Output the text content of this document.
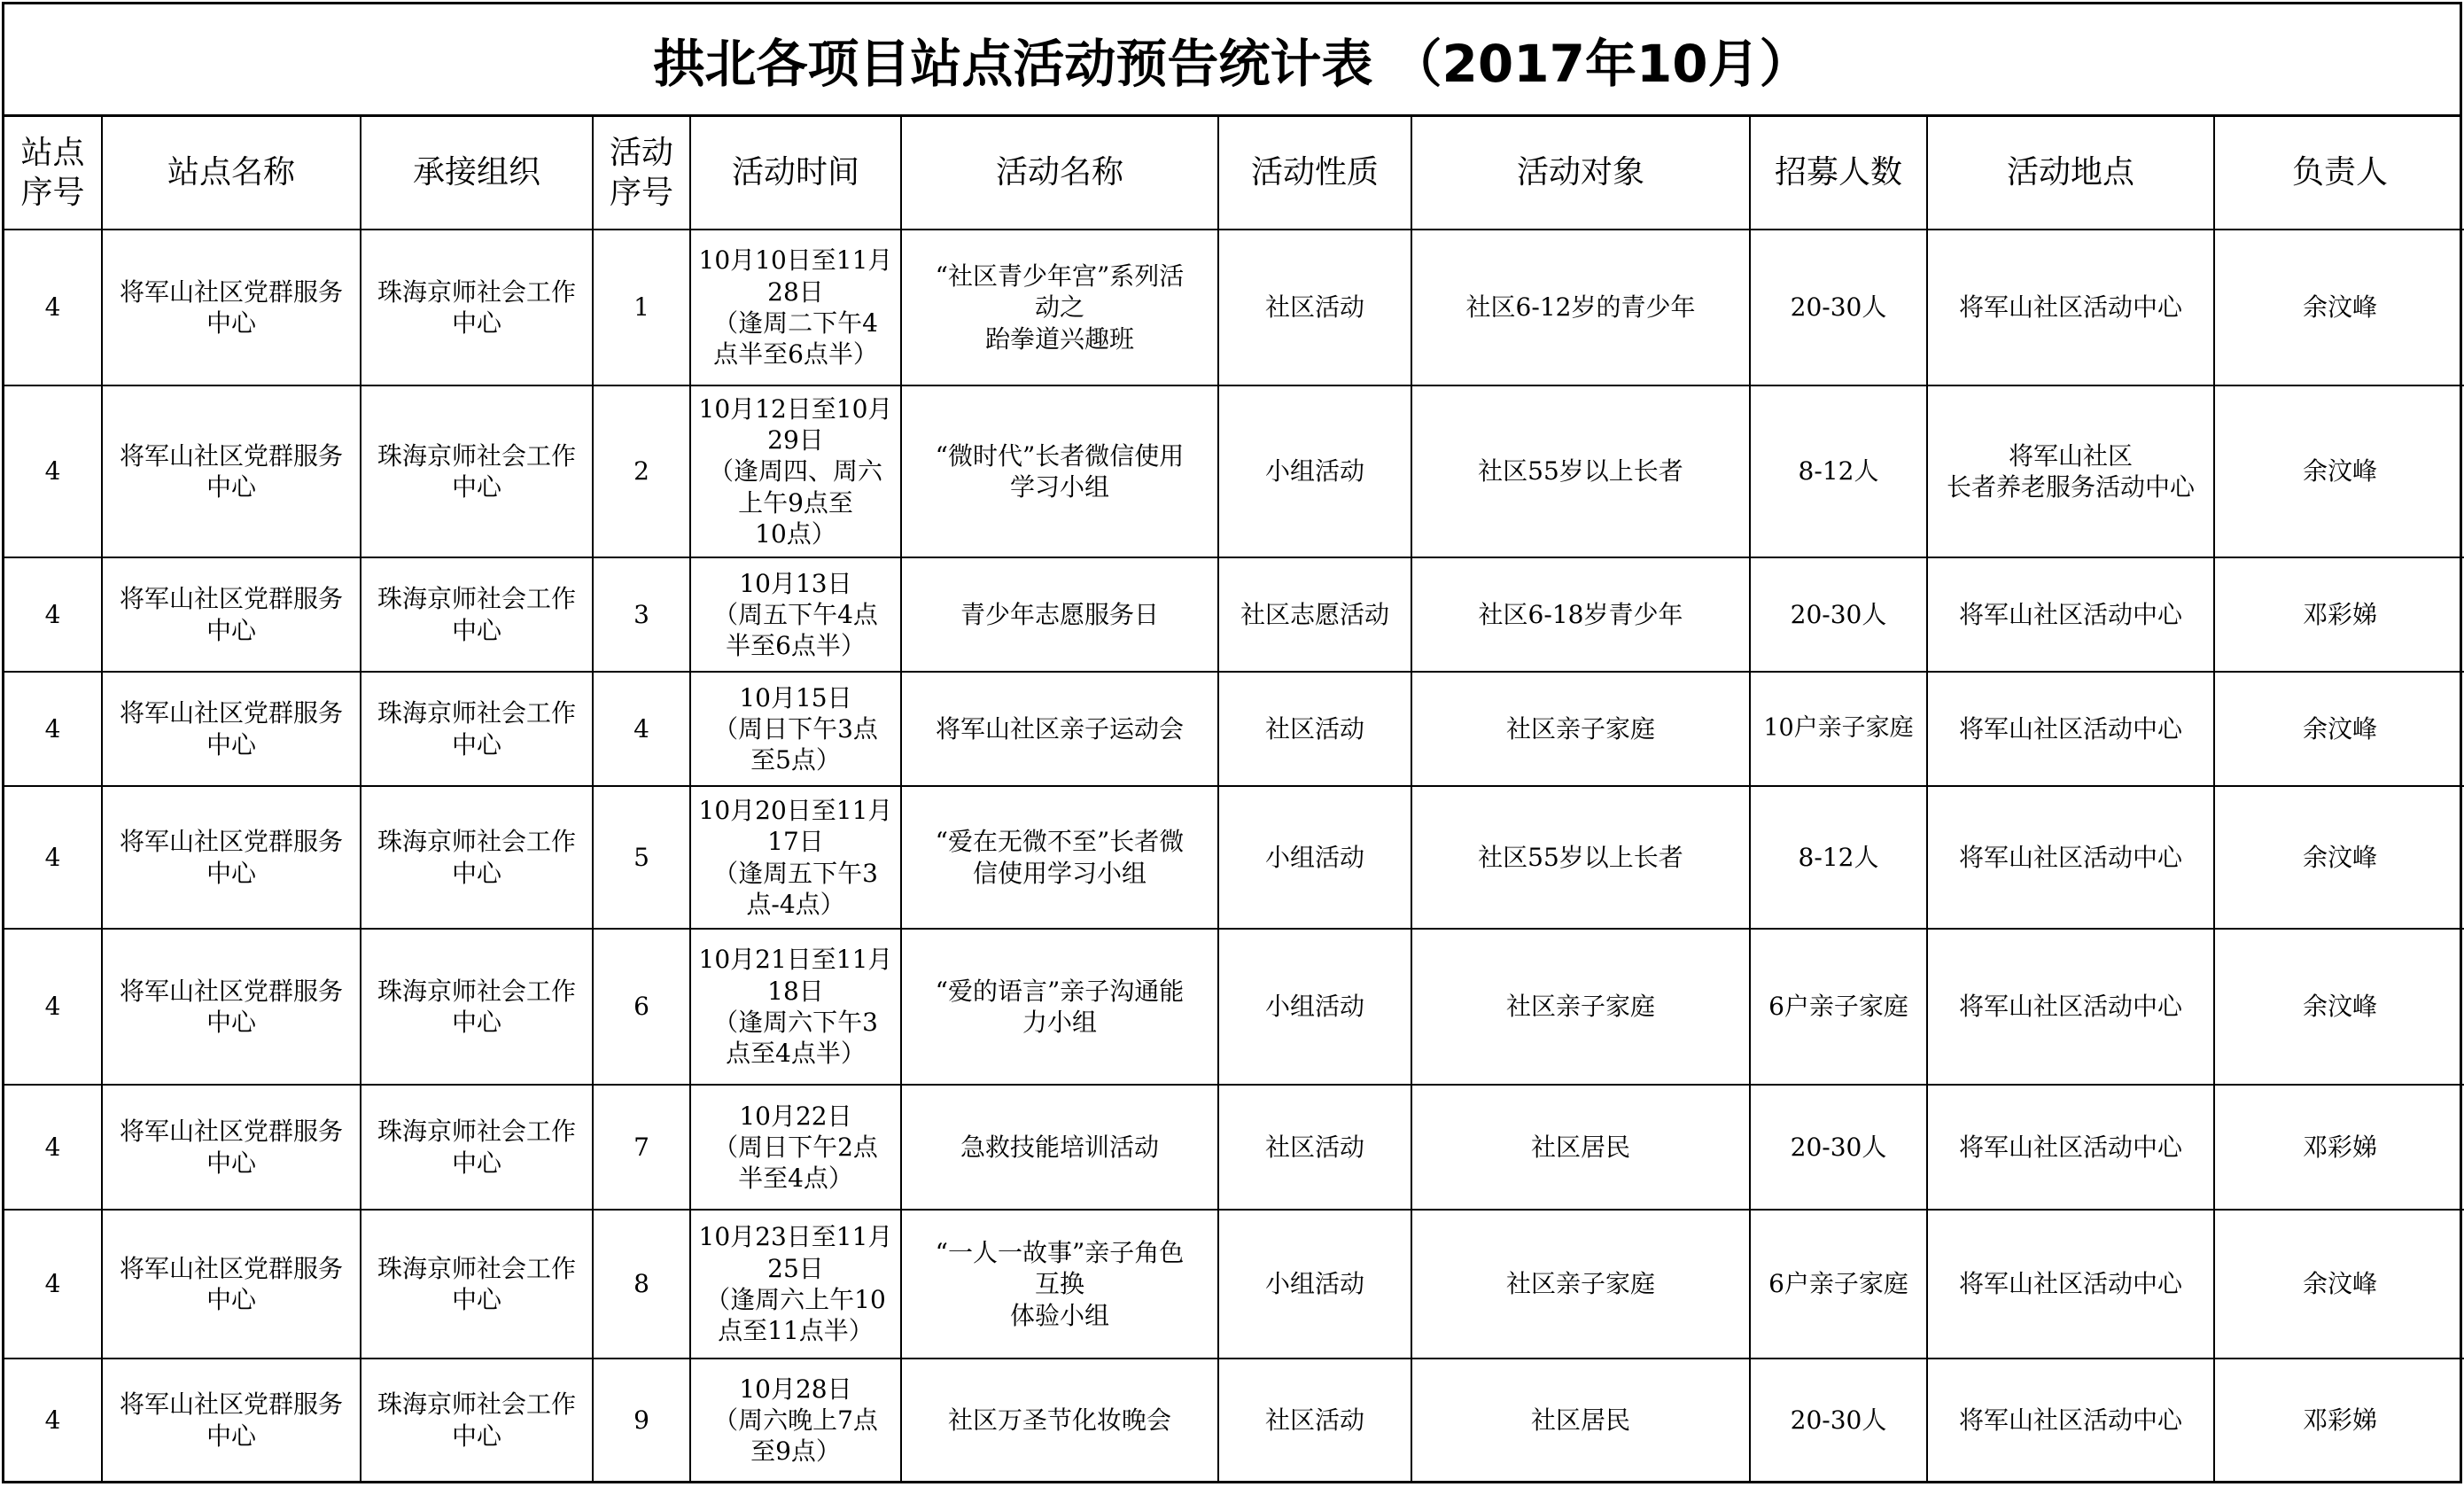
拱北各项目站点活动预告统计表 （2017年10月）
站点
序号	站点名称	承接组织	活动
序号	活动时间	活动名称	活动性质	活动对象	招募人数	活动地点	负责人
4	将军山社区党群服务
中心	珠海京师社会工作
中心	1	10月10日至11月
28日
（逢周二下午4
点半至6点半）	“社区青少年宫”系列活
动之
跆拳道兴趣班	社区活动	社区6-12岁的青少年	20-30人	将军山社区活动中心	余汶峰
4	将军山社区党群服务
中心	珠海京师社会工作
中心	2	10月12日至10月
29日
（逢周四、周六
上午9点至
10点）	“微时代”长者微信使用
学习小组	小组活动	社区55岁以上长者	8-12人	将军山社区
长者养老服务活动中心	余汶峰
4	将军山社区党群服务
中心	珠海京师社会工作
中心	3	10月13日
（周五下午4点
半至6点半）	青少年志愿服务日	社区志愿活动	社区6-18岁青少年	20-30人	将军山社区活动中心	邓彩娣
4	将军山社区党群服务
中心	珠海京师社会工作
中心	4	10月15日
（周日下午3点
至5点）	将军山社区亲子运动会	社区活动	社区亲子家庭	10户亲子家庭	将军山社区活动中心	余汶峰
4	将军山社区党群服务
中心	珠海京师社会工作
中心	5	10月20日至11月
17日
（逢周五下午3
点-4点）	“爱在无微不至”长者微
信使用学习小组	小组活动	社区55岁以上长者	8-12人	将军山社区活动中心	余汶峰
4	将军山社区党群服务
中心	珠海京师社会工作
中心	6	10月21日至11月
18日
（逢周六下午3
点至4点半）	“爱的语言”亲子沟通能
力小组	小组活动	社区亲子家庭	6户亲子家庭	将军山社区活动中心	余汶峰
4	将军山社区党群服务
中心	珠海京师社会工作
中心	7	10月22日
（周日下午2点
半至4点）	急救技能培训活动	社区活动	社区居民	20-30人	将军山社区活动中心	邓彩娣
4	将军山社区党群服务
中心	珠海京师社会工作
中心	8	10月23日至11月
25日
（逢周六上午10
点至11点半）	“一人一故事”亲子角色
互换
体验小组	小组活动	社区亲子家庭	6户亲子家庭	将军山社区活动中心	余汶峰
4	将军山社区党群服务
中心	珠海京师社会工作
中心	9	10月28日
（周六晚上7点
至9点）	社区万圣节化妆晚会	社区活动	社区居民	20-30人	将军山社区活动中心	邓彩娣
